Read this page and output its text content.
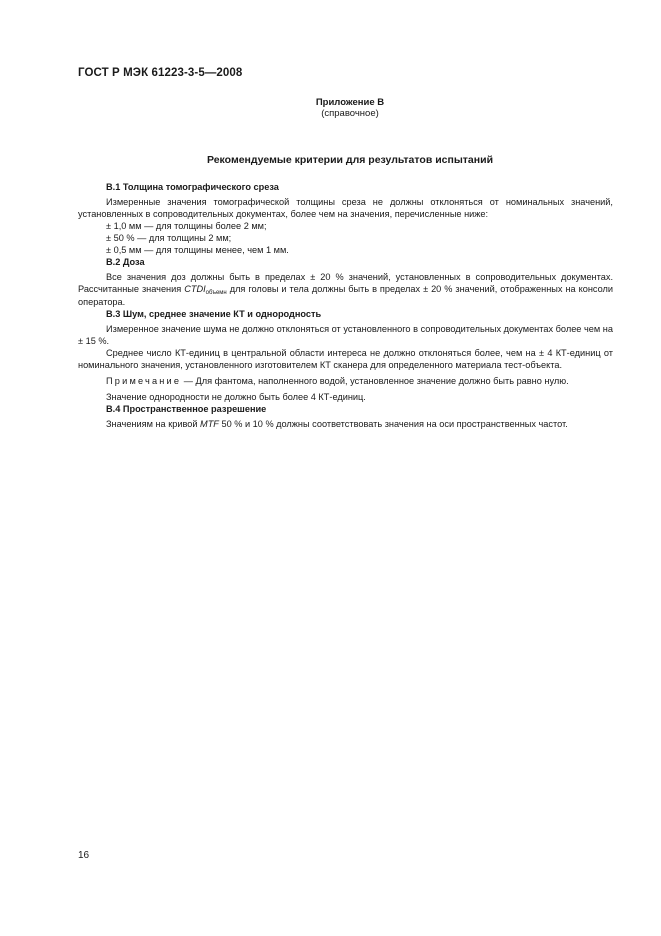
ГОСТ Р МЭК 61223-3-5—2008
Приложение В
(справочное)
Рекомендуемые критерии для результатов испытаний

В.1 Толщина томографического среза

Измеренные значения томографической толщины среза не должны отклоняться от номинальных значений, установленных в сопроводительных документах, более чем на значения, перечисленные ниже:

± 1,0 мм — для толщины более 2 мм;

± 50 % — для толщины 2 мм;

± 0,5 мм — для толщины менее, чем 1 мм.

В.2 Доза

Все значения доз должны быть в пределах ± 20 % значений, установленных в сопроводительных документах. Рассчитанные значения $CTDI_{объемн}$ для головы и тела должны быть в пределах ± 20 % значений, отображенных на консоли оператора.

В.3 Шум, среднее значение КТ и однородность

Измеренное значение шума не должно отклоняться от установленного в сопроводительных документах более чем на ± 15 %.

Среднее число КТ-единиц в центральной области интереса не должно отклоняться более, чем на ± 4 КТ-единиц от номинального значения, установленного изготовителем КТ сканера для определенного материала тест-объекта.

Примечание — Для фантома, наполненного водой, установленное значение должно быть равно нулю.

Значение однородности не должно быть более 4 КТ-единиц.

В.4 Пространственное разрешение

Значениям на кривой MTF 50 % и 10 % должны соответствовать значения на оси пространственных частот.

16
